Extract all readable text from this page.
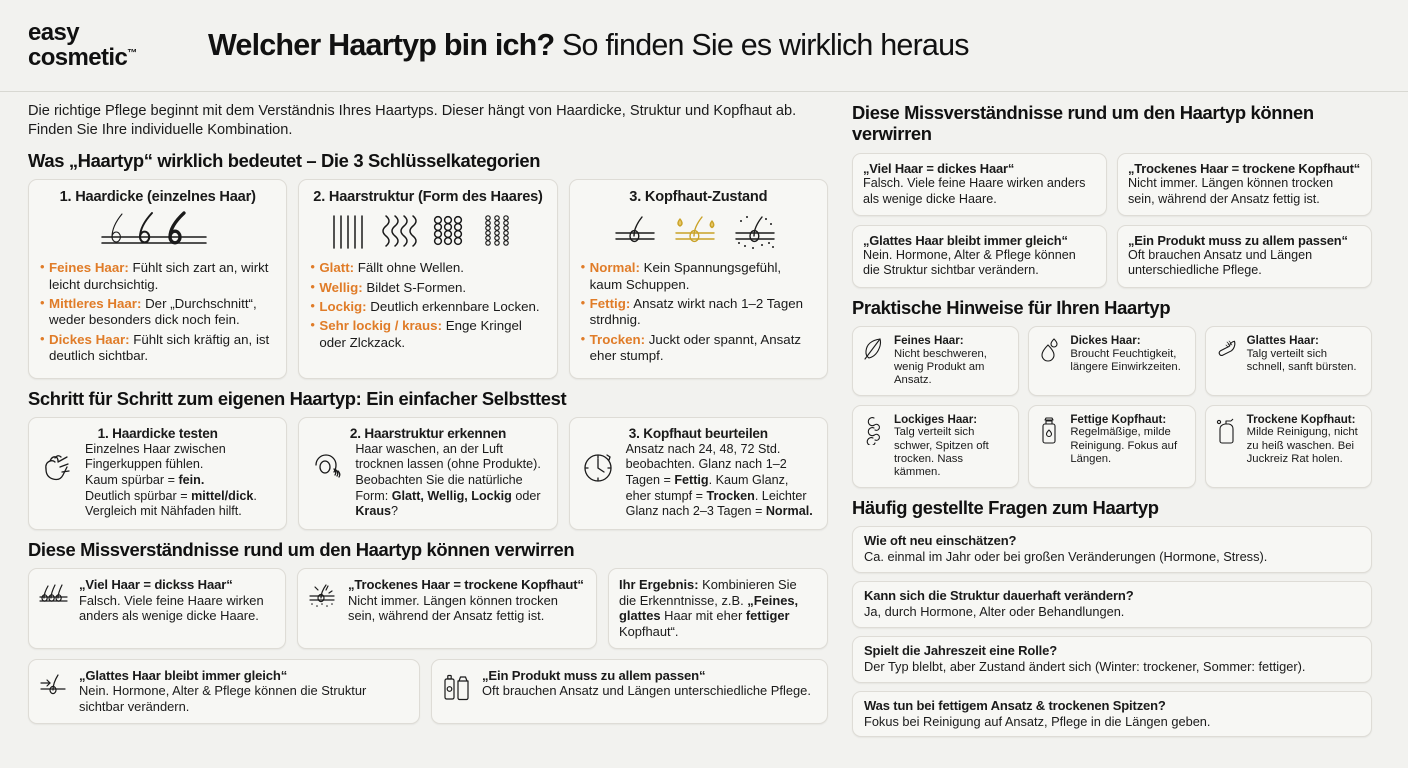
easy
cosmetic™	Welcher Haartyp bin ich? So finden Sie es wirklich heraus
Die richtige Pflege beginnt mit dem Verständnis Ihres Haartyps. Dieser hängt von Haardicke, Struktur und Kopfhaut ab. Finden Sie Ihre individuelle Kombination.
Was „Haartyp“ wirklich bedeutet – Die 3 Schlüsselkategorien
1. Haardicke (einzelnes Haar)
• Feines Haar: Fühlt sich zart an, wirkt leicht durchsichtig.
• Mittleres Haar: Der „Durchschnitt“, weder besonders dick noch fein.
• Dickes Haar: Fühlt sich kräftig an, ist deutlich sichtbar.
2. Haarstruktur (Form des Haares)
• Glatt: Fällt ohne Wellen.
• Wellig: Bildet S-Formen.
• Lockig: Deutlich erkennbare Locken.
• Sehr lockig / kraus: Enge Kringel oder Zlckzack.
3. Kopfhaut-Zustand
• Normal: Kein Spannungsgefühl, kaum Schuppen.
• Fettig: Ansatz wirkt nach 1–2 Tagen strdhnig.
• Trocken: Juckt oder spannt, Ansatz eher stumpf.
Schritt für Schritt zum eigenen Haartyp: Ein einfacher Selbsttest
1. Haardicke testen
Einzelnes Haar zwischen Fingerkuppen fühlen.
Kaum spürbar = fein.
Deutlich spürbar = mittel/dick.
Vergleich mit Nähfaden hilft.
2. Haarstruktur erkennen
Haar waschen, an der Luft trocknen lassen (ohne Produkte). Beobachten Sie die natürliche Form: Glatt, Wellig, Lockig oder Kraus?
3. Kopfhaut beurteilen
Ansatz nach 24, 48, 72 Std. beobachten. Glanz nach 1–2 Tagen = Fettig. Kaum Glanz, eher stumpf = Trocken. Leichter Glanz nach 2–3 Tagen = Normal.
Diese Missverständnisse rund um den Haartyp können verwirren
„Viel Haar = dickss Haar“
Falsch. Viele feine Haare wirken anders als wenige dicke Haare.
„Trockenes Haar = trockene Kopfhaut“
Nicht immer. Längen können trocken sein, während der Ansatz fettig ist.
Ihr Ergebnis: Kombinieren Sie die Erkenntnisse, z.B. „Feines, glattes Haar mit eher fettiger Kopfhaut“.
„Glattes Haar bleibt immer gleich“
Nein. Hormone, Alter & Pflege können die Struktur sichtbar verändern.
„Ein Produkt muss zu allem passen“
Oft brauchen Ansatz und Längen unterschiedliche Pflege.
Diese Missverständnisse rund um den Haartyp können verwirren
„Viel Haar = dickes Haar“
Falsch. Viele feine Haare wirken anders als wenige dicke Haare.
„Trockenes Haar = trockene Kopfhaut“
Nicht immer. Längen können trocken sein, während der Ansatz fettig ist.
„Glattes Haar bleibt immer gleich“
Nein. Hormone, Alter & Pflege können die Struktur sichtbar verändern.
„Ein Produkt muss zu allem passen“
Oft brauchen Ansatz und Längen unterschiedliche Pflege.
Praktische Hinweise für Ihren Haartyp
Feines Haar:
Nicht beschweren, wenig Produkt am Ansatz.
Dickes Haar:
Broucht Feuchtigkeit, längere Einwirkzeiten.
Glattes Haar:
Talg verteilt sich schnell, sanft bürsten.
Lockiges Haar:
Talg verteilt sich schwer, Spitzen oft trocken. Nass kämmen.
Fettige Kopfhaut:
Regelmäßige, milde Reinigung. Fokus auf Längen.
Trockene Kopfhaut:
Milde Reinigung, nicht zu heiß waschen. Bei Juckreiz Rat holen.
Häufig gestellte Fragen zum Haartyp
Wie oft neu einschätzen?
Ca. einmal im Jahr oder bei großen Veränderungen (Hormone, Stress).
Kann sich die Struktur dauerhaft verändern?
Ja, durch Hormone, Alter oder Behandlungen.
Spielt die Jahreszeit eine Rolle?
Der Typ blelbt, aber Zustand ändert sich (Winter: trockener, Sommer: fettiger).
Was tun bei fettigem Ansatz & trockenen Spitzen?
Fokus bei Reinigung auf Ansatz, Pflege in die Längen geben.
